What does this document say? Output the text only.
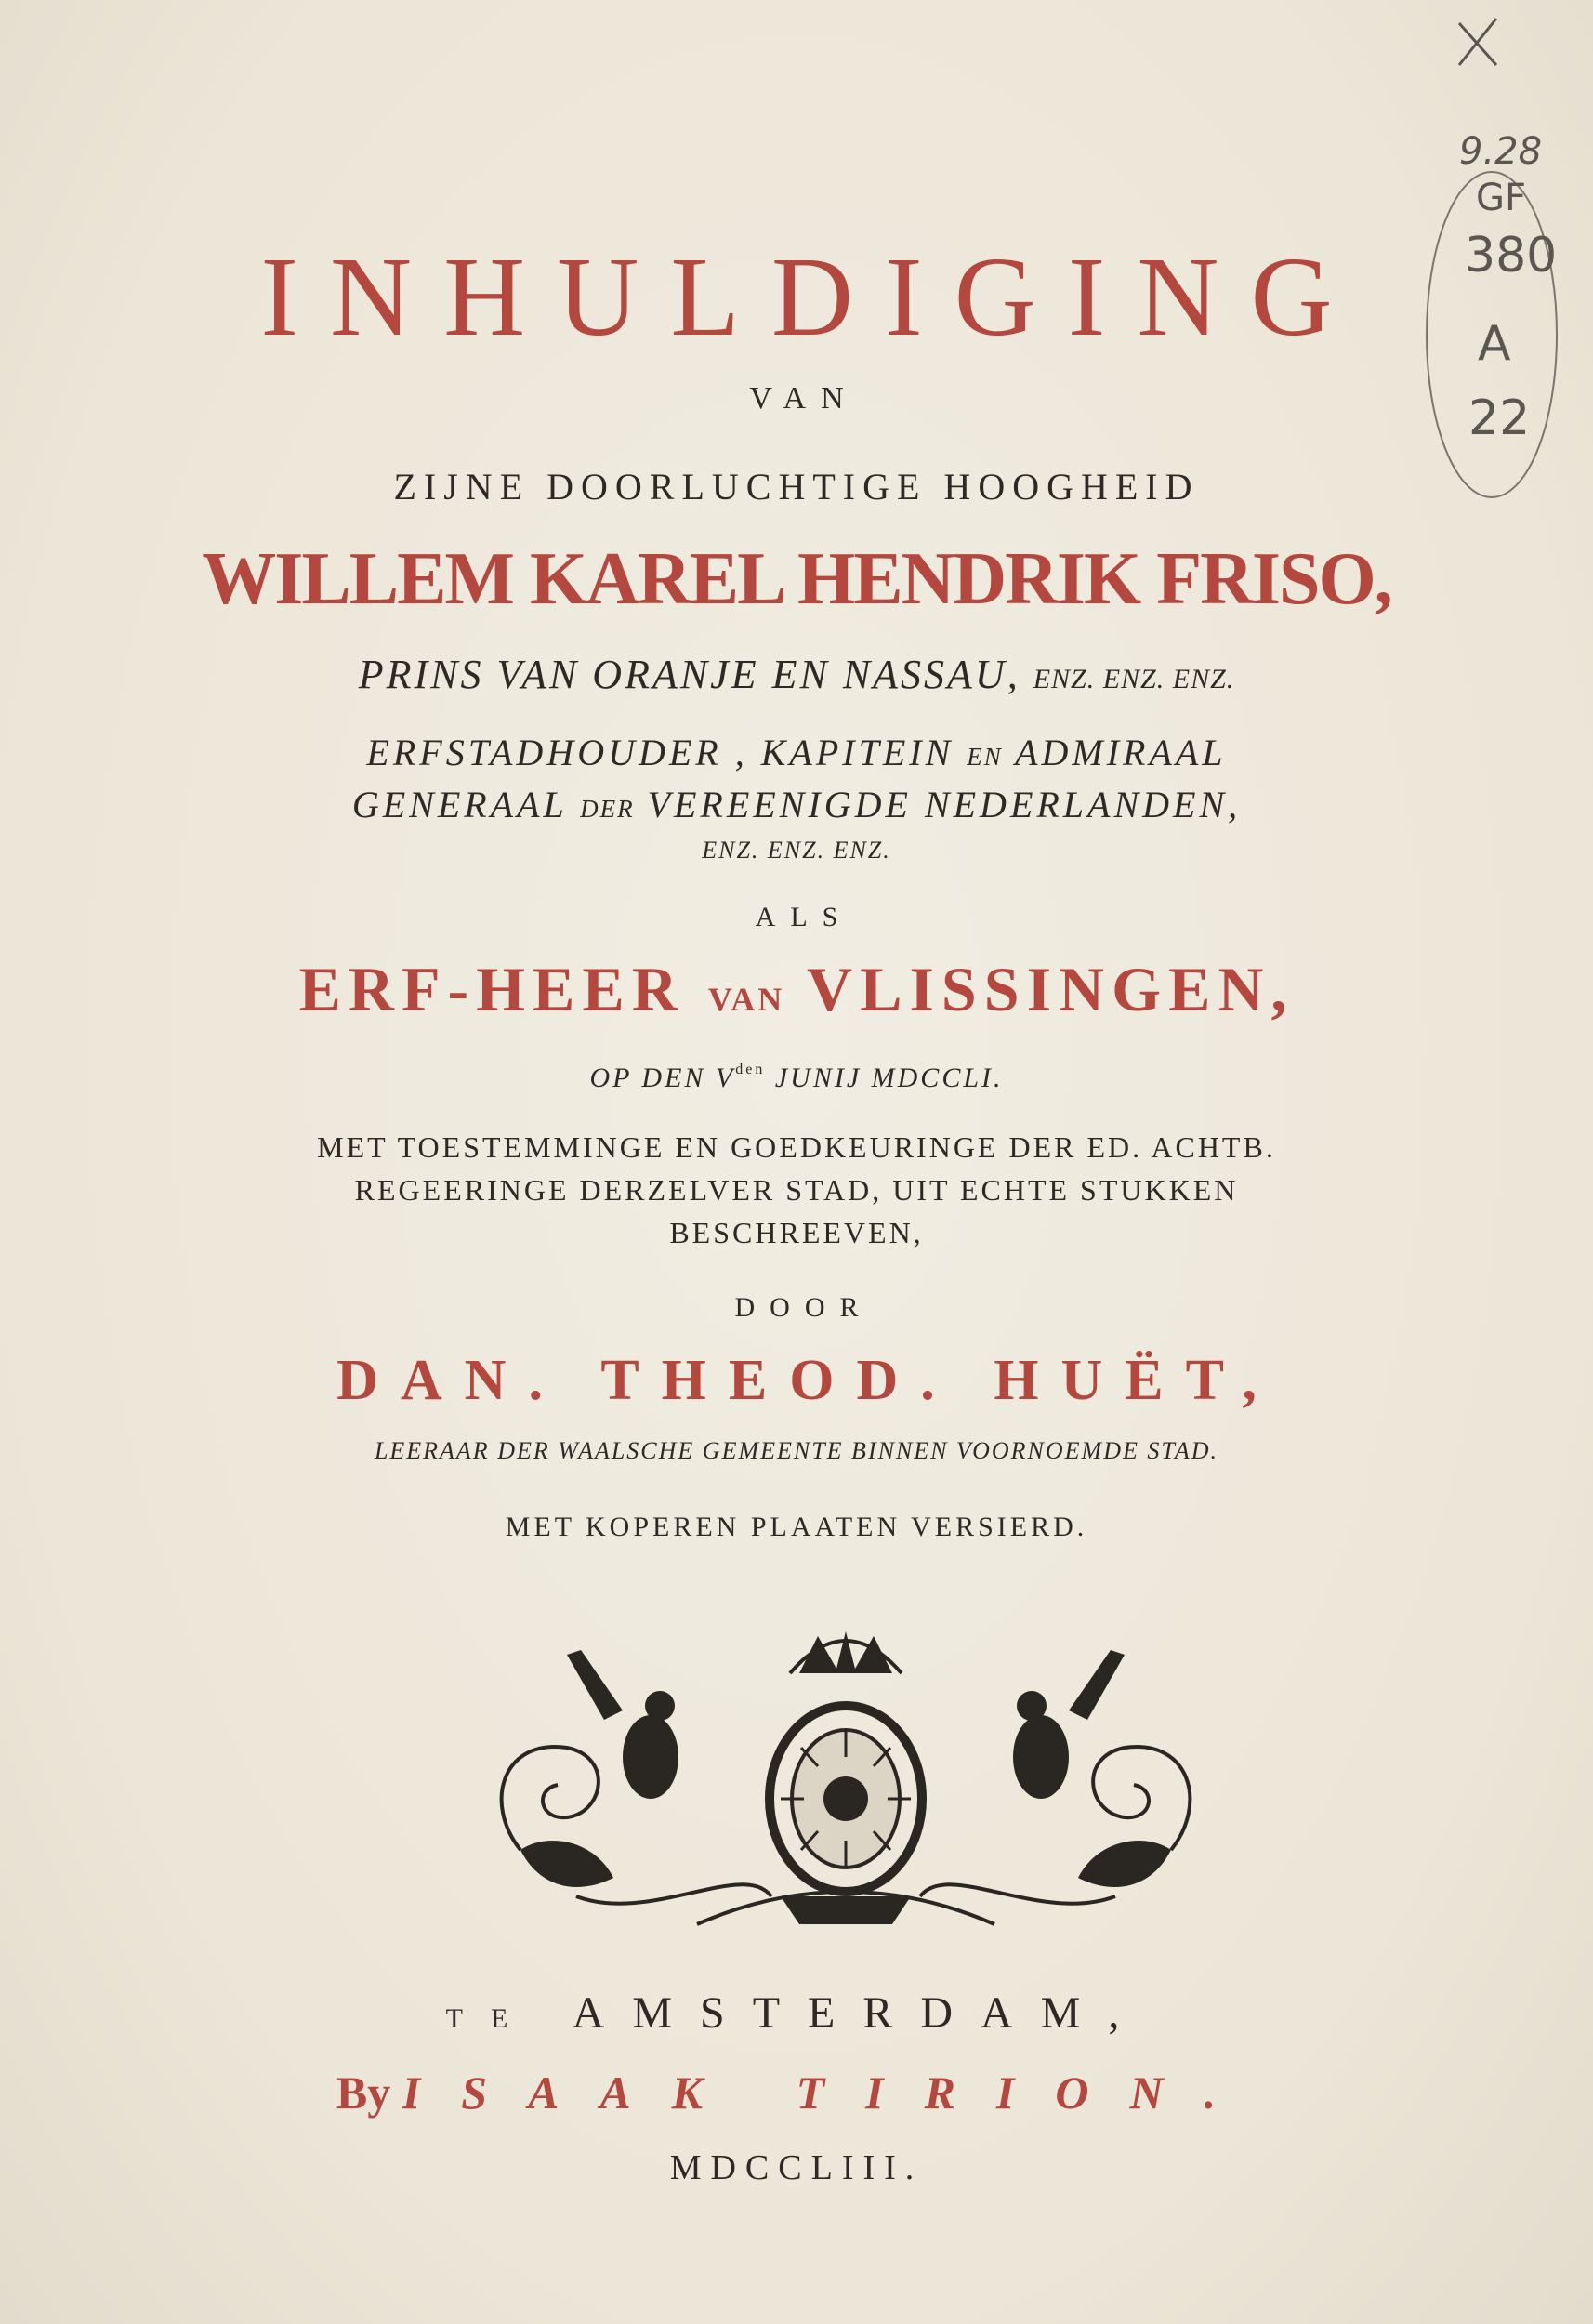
INHULDIGING
VAN
ZIJNE DOORLUCHTIGE HOOGHEID
WILLEM KAREL HENDRIK FRISO,
PRINS VAN ORANJE EN NASSAU, ENZ. ENZ. ENZ.
ERFSTADHOUDER , KAPITEIN EN ADMIRAAL
GENERAAL DER VEREENIGDE NEDERLANDEN,
ENZ. ENZ. ENZ.
ALS
ERF-HEER VAN VLISSINGEN,
OP DEN $V^{den}$ JUNIJ MDCCLI.
MET TOESTEMMINGE EN GOEDKEURINGE DER ED. ACHTB.
REGEERINGE DERZELVER STAD, UIT ECHTE STUKKEN
BESCHREEVEN,
DOOR
DAN. THEOD. HUËT,
LEERAAR DER WAALSCHE GEMEENTE BINNEN VOORNOEMDE STAD.
MET KOPEREN PLAATEN VERSIERD.
TE AMSTERDAM,
By ISAAK TIRION.
MDCCLIII.
9.28
GF
380
A
22
